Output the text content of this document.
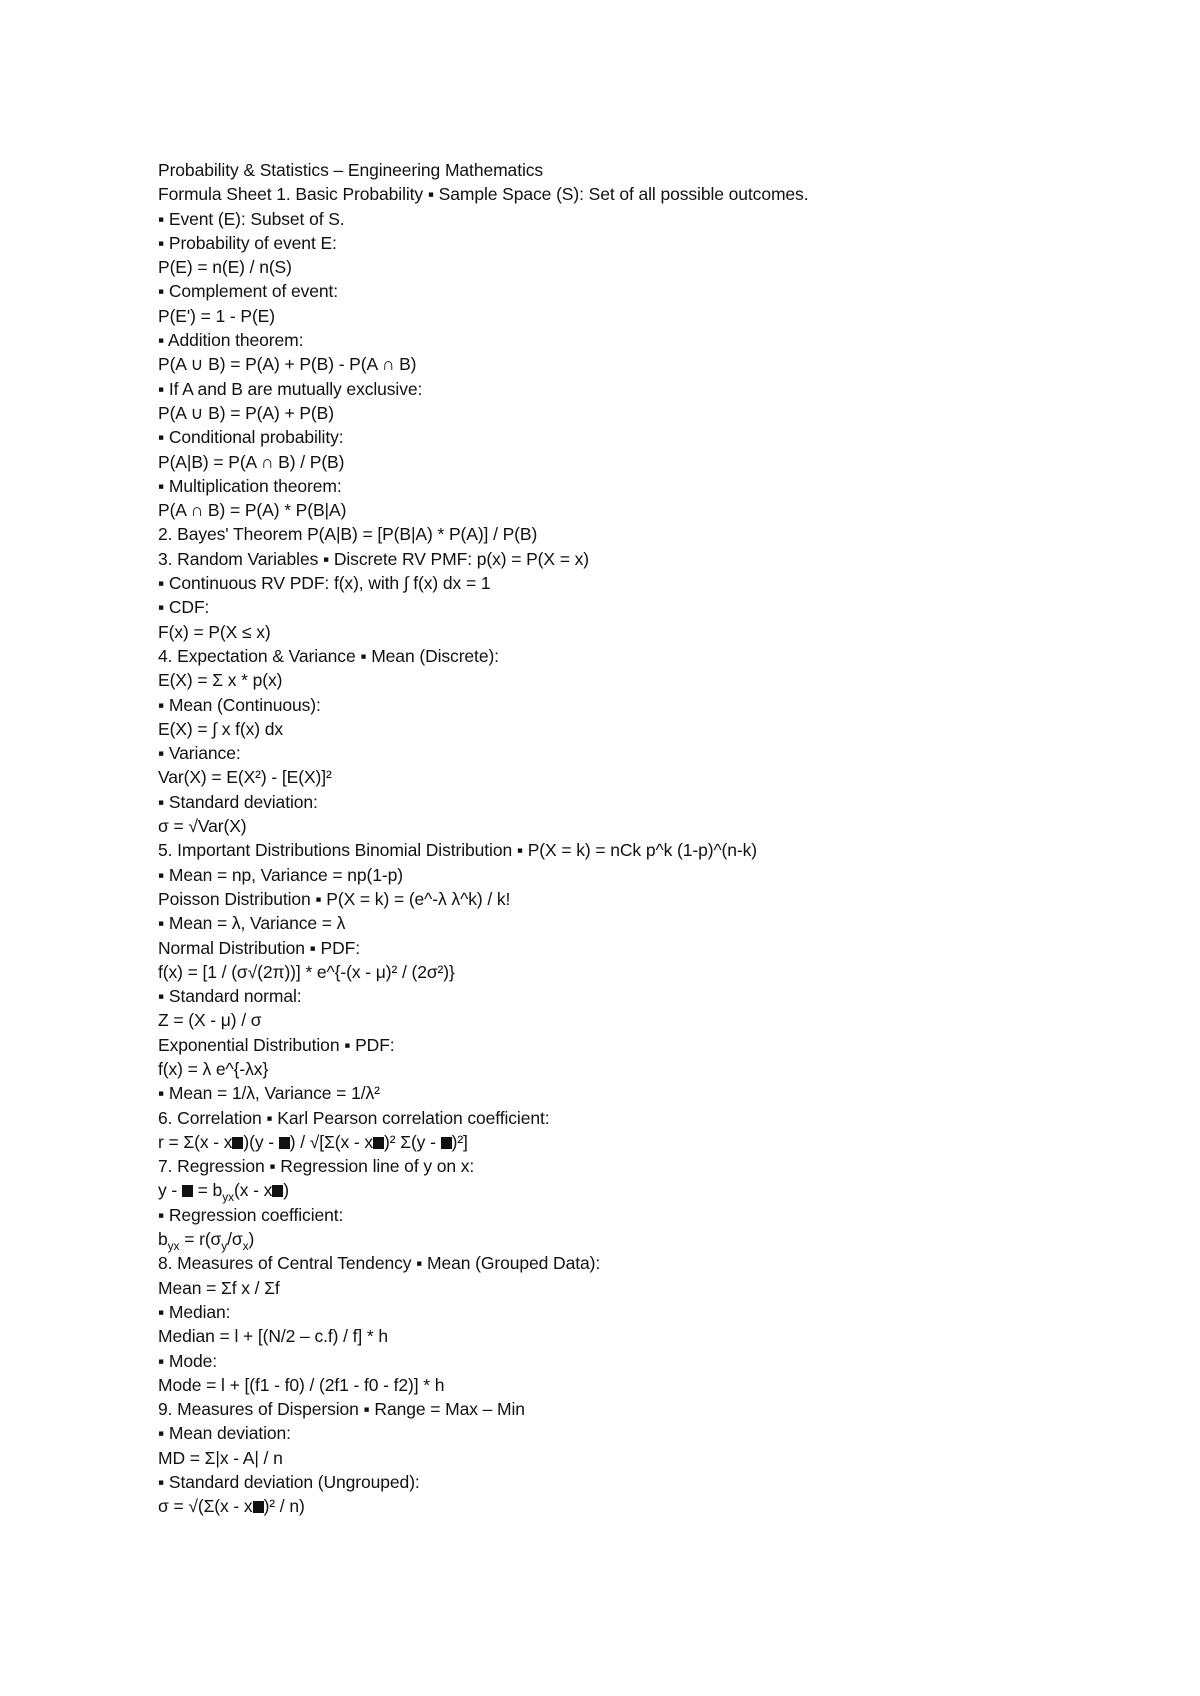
Probability & Statistics – Engineering Mathematics
Formula Sheet 1. Basic Probability ▪ Sample Space (S): Set of all possible outcomes.
▪ Event (E): Subset of S.
▪ Probability of event E:
P(E) = n(E) / n(S)
▪ Complement of event:
P(E') = 1 - P(E)
▪ Addition theorem:
P(A ∪ B) = P(A) + P(B) - P(A ∩ B)
▪ If A and B are mutually exclusive:
P(A ∪ B) = P(A) + P(B)
▪ Conditional probability:
P(A|B) = P(A ∩ B) / P(B)
▪ Multiplication theorem:
P(A ∩ B) = P(A) * P(B|A)
2. Bayes' Theorem P(A|B) = [P(B|A) * P(A)] / P(B)
3. Random Variables ▪ Discrete RV PMF: p(x) = P(X = x)
▪ Continuous RV PDF: f(x), with ∫ f(x) dx = 1
▪ CDF:
F(x) = P(X ≤ x)
4. Expectation & Variance ▪ Mean (Discrete):
E(X) = Σ x * p(x)
▪ Mean (Continuous):
E(X) = ∫ x f(x) dx
▪ Variance:
Var(X) = E(X²) - [E(X)]²
▪ Standard deviation:
σ = √Var(X)
5. Important Distributions Binomial Distribution ▪ P(X = k) = nCk p^k (1-p)^(n-k)
▪ Mean = np, Variance = np(1-p)
Poisson Distribution ▪ P(X = k) = (e^-λ λ^k) / k!
▪ Mean = λ, Variance = λ
Normal Distribution ▪ PDF:
f(x) = [1 / (σ√(2π))] * e^{-(x - μ)² / (2σ²)}
▪ Standard normal:
Z = (X - μ) / σ
Exponential Distribution ▪ PDF:
f(x) = λ e^{-λx}
▪ Mean = 1/λ, Variance = 1/λ²
6. Correlation ▪ Karl Pearson correlation coefficient:
r = Σ(x - x )(y - ) / √[Σ(x - x )² Σ(y - )²]
7. Regression ▪ Regression line of y on x:
y -  = $b_{yx}(x$ - x )
▪ Regression coefficient:
$b_{yx} = r(\sigma_y/\sigma_x)$
8. Measures of Central Tendency ▪ Mean (Grouped Data):
Mean = Σf x / Σf
▪ Median:
Median = l + [(N/2 – c.f) / f] * h
▪ Mode:
Mode = l + [(f1 - f0) / (2f1 - f0 - f2)] * h
9. Measures of Dispersion ▪ Range = Max – Min
▪ Mean deviation:
MD = Σ|x - A| / n
▪ Standard deviation (Ungrouped):
σ = √(Σ(x - x )² / n)
